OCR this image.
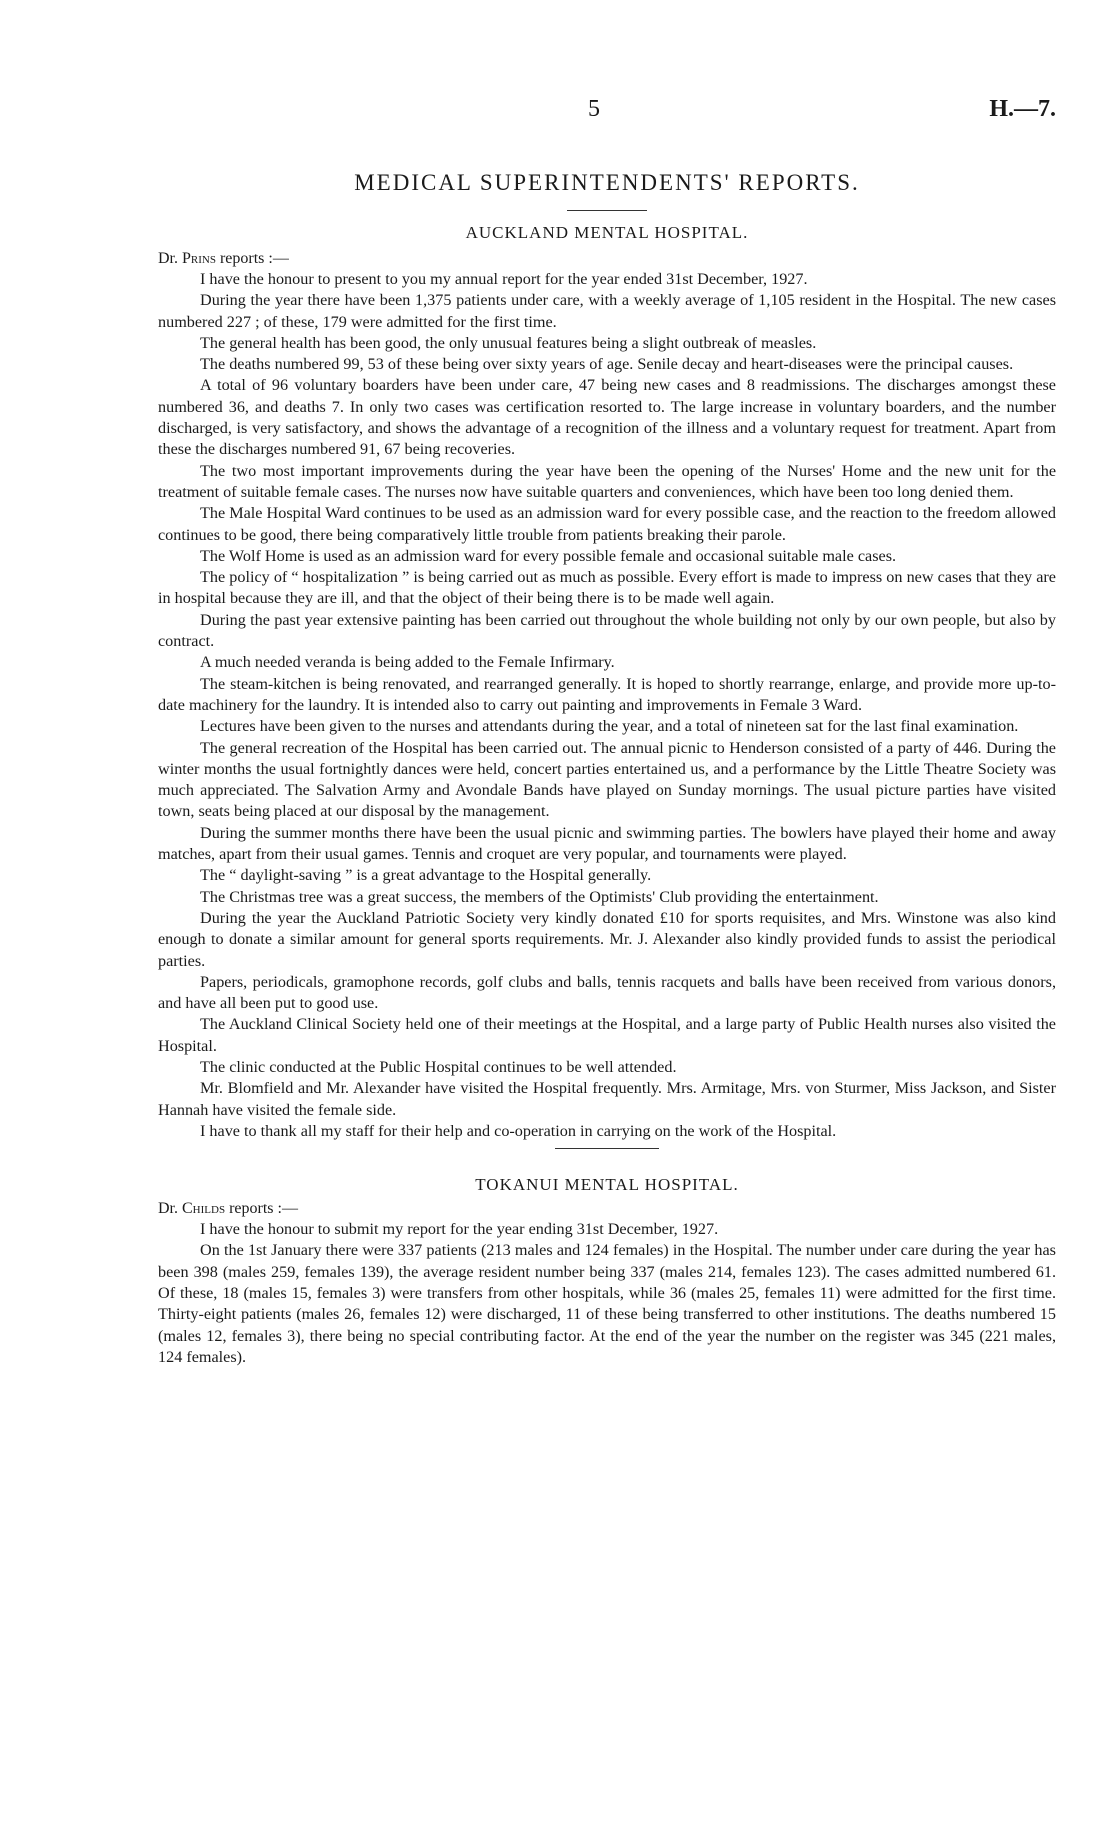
5	H.—7.
MEDICAL SUPERINTENDENTS' REPORTS.
AUCKLAND MENTAL HOSPITAL.

Dr. Prins reports :—

I have the honour to present to you my annual report for the year ended 31st December, 1927.

During the year there have been 1,375 patients under care, with a weekly average of 1,105 resident in the Hospital. The new cases numbered 227 ; of these, 179 were admitted for the first time.

The general health has been good, the only unusual features being a slight outbreak of measles.

The deaths numbered 99, 53 of these being over sixty years of age. Senile decay and heart-diseases were the principal causes.

A total of 96 voluntary boarders have been under care, 47 being new cases and 8 readmissions. The discharges amongst these numbered 36, and deaths 7. In only two cases was certification resorted to. The large increase in voluntary boarders, and the number discharged, is very satisfactory, and shows the advantage of a recognition of the illness and a voluntary request for treatment. Apart from these the discharges numbered 91, 67 being recoveries.

The two most important improvements during the year have been the opening of the Nurses' Home and the new unit for the treatment of suitable female cases. The nurses now have suitable quarters and conveniences, which have been too long denied them.

The Male Hospital Ward continues to be used as an admission ward for every possible case, and the reaction to the freedom allowed continues to be good, there being comparatively little trouble from patients breaking their parole.

The Wolf Home is used as an admission ward for every possible female and occasional suitable male cases.

The policy of “ hospitalization ” is being carried out as much as possible. Every effort is made to impress on new cases that they are in hospital because they are ill, and that the object of their being there is to be made well again.

During the past year extensive painting has been carried out throughout the whole building not only by our own people, but also by contract.

A much needed veranda is being added to the Female Infirmary.

The steam-kitchen is being renovated, and rearranged generally. It is hoped to shortly rearrange, enlarge, and provide more up-to-date machinery for the laundry. It is intended also to carry out painting and improvements in Female 3 Ward.

Lectures have been given to the nurses and attendants during the year, and a total of nineteen sat for the last final examination.

The general recreation of the Hospital has been carried out. The annual picnic to Henderson consisted of a party of 446. During the winter months the usual fortnightly dances were held, concert parties entertained us, and a performance by the Little Theatre Society was much appreciated. The Salvation Army and Avondale Bands have played on Sunday mornings. The usual picture parties have visited town, seats being placed at our disposal by the management.

During the summer months there have been the usual picnic and swimming parties. The bowlers have played their home and away matches, apart from their usual games. Tennis and croquet are very popular, and tournaments were played.

The “ daylight-saving ” is a great advantage to the Hospital generally.

The Christmas tree was a great success, the members of the Optimists' Club providing the entertainment.

During the year the Auckland Patriotic Society very kindly donated £10 for sports requisites, and Mrs. Winstone was also kind enough to donate a similar amount for general sports requirements. Mr. J. Alexander also kindly provided funds to assist the periodical parties.

Papers, periodicals, gramophone records, golf clubs and balls, tennis racquets and balls have been received from various donors, and have all been put to good use.

The Auckland Clinical Society held one of their meetings at the Hospital, and a large party of Public Health nurses also visited the Hospital.

The clinic conducted at the Public Hospital continues to be well attended.

Mr. Blomfield and Mr. Alexander have visited the Hospital frequently. Mrs. Armitage, Mrs. von Sturmer, Miss Jackson, and Sister Hannah have visited the female side.

I have to thank all my staff for their help and co-operation in carrying on the work of the Hospital.

TOKANUI MENTAL HOSPITAL.

Dr. Childs reports :—

I have the honour to submit my report for the year ending 31st December, 1927.

On the 1st January there were 337 patients (213 males and 124 females) in the Hospital. The number under care during the year has been 398 (males 259, females 139), the average resident number being 337 (males 214, females 123). The cases admitted numbered 61. Of these, 18 (males 15, females 3) were transfers from other hospitals, while 36 (males 25, females 11) were admitted for the first time. Thirty-eight patients (males 26, females 12) were discharged, 11 of these being transferred to other institutions. The deaths numbered 15 (males 12, females 3), there being no special contributing factor. At the end of the year the number on the register was 345 (221 males, 124 females).
